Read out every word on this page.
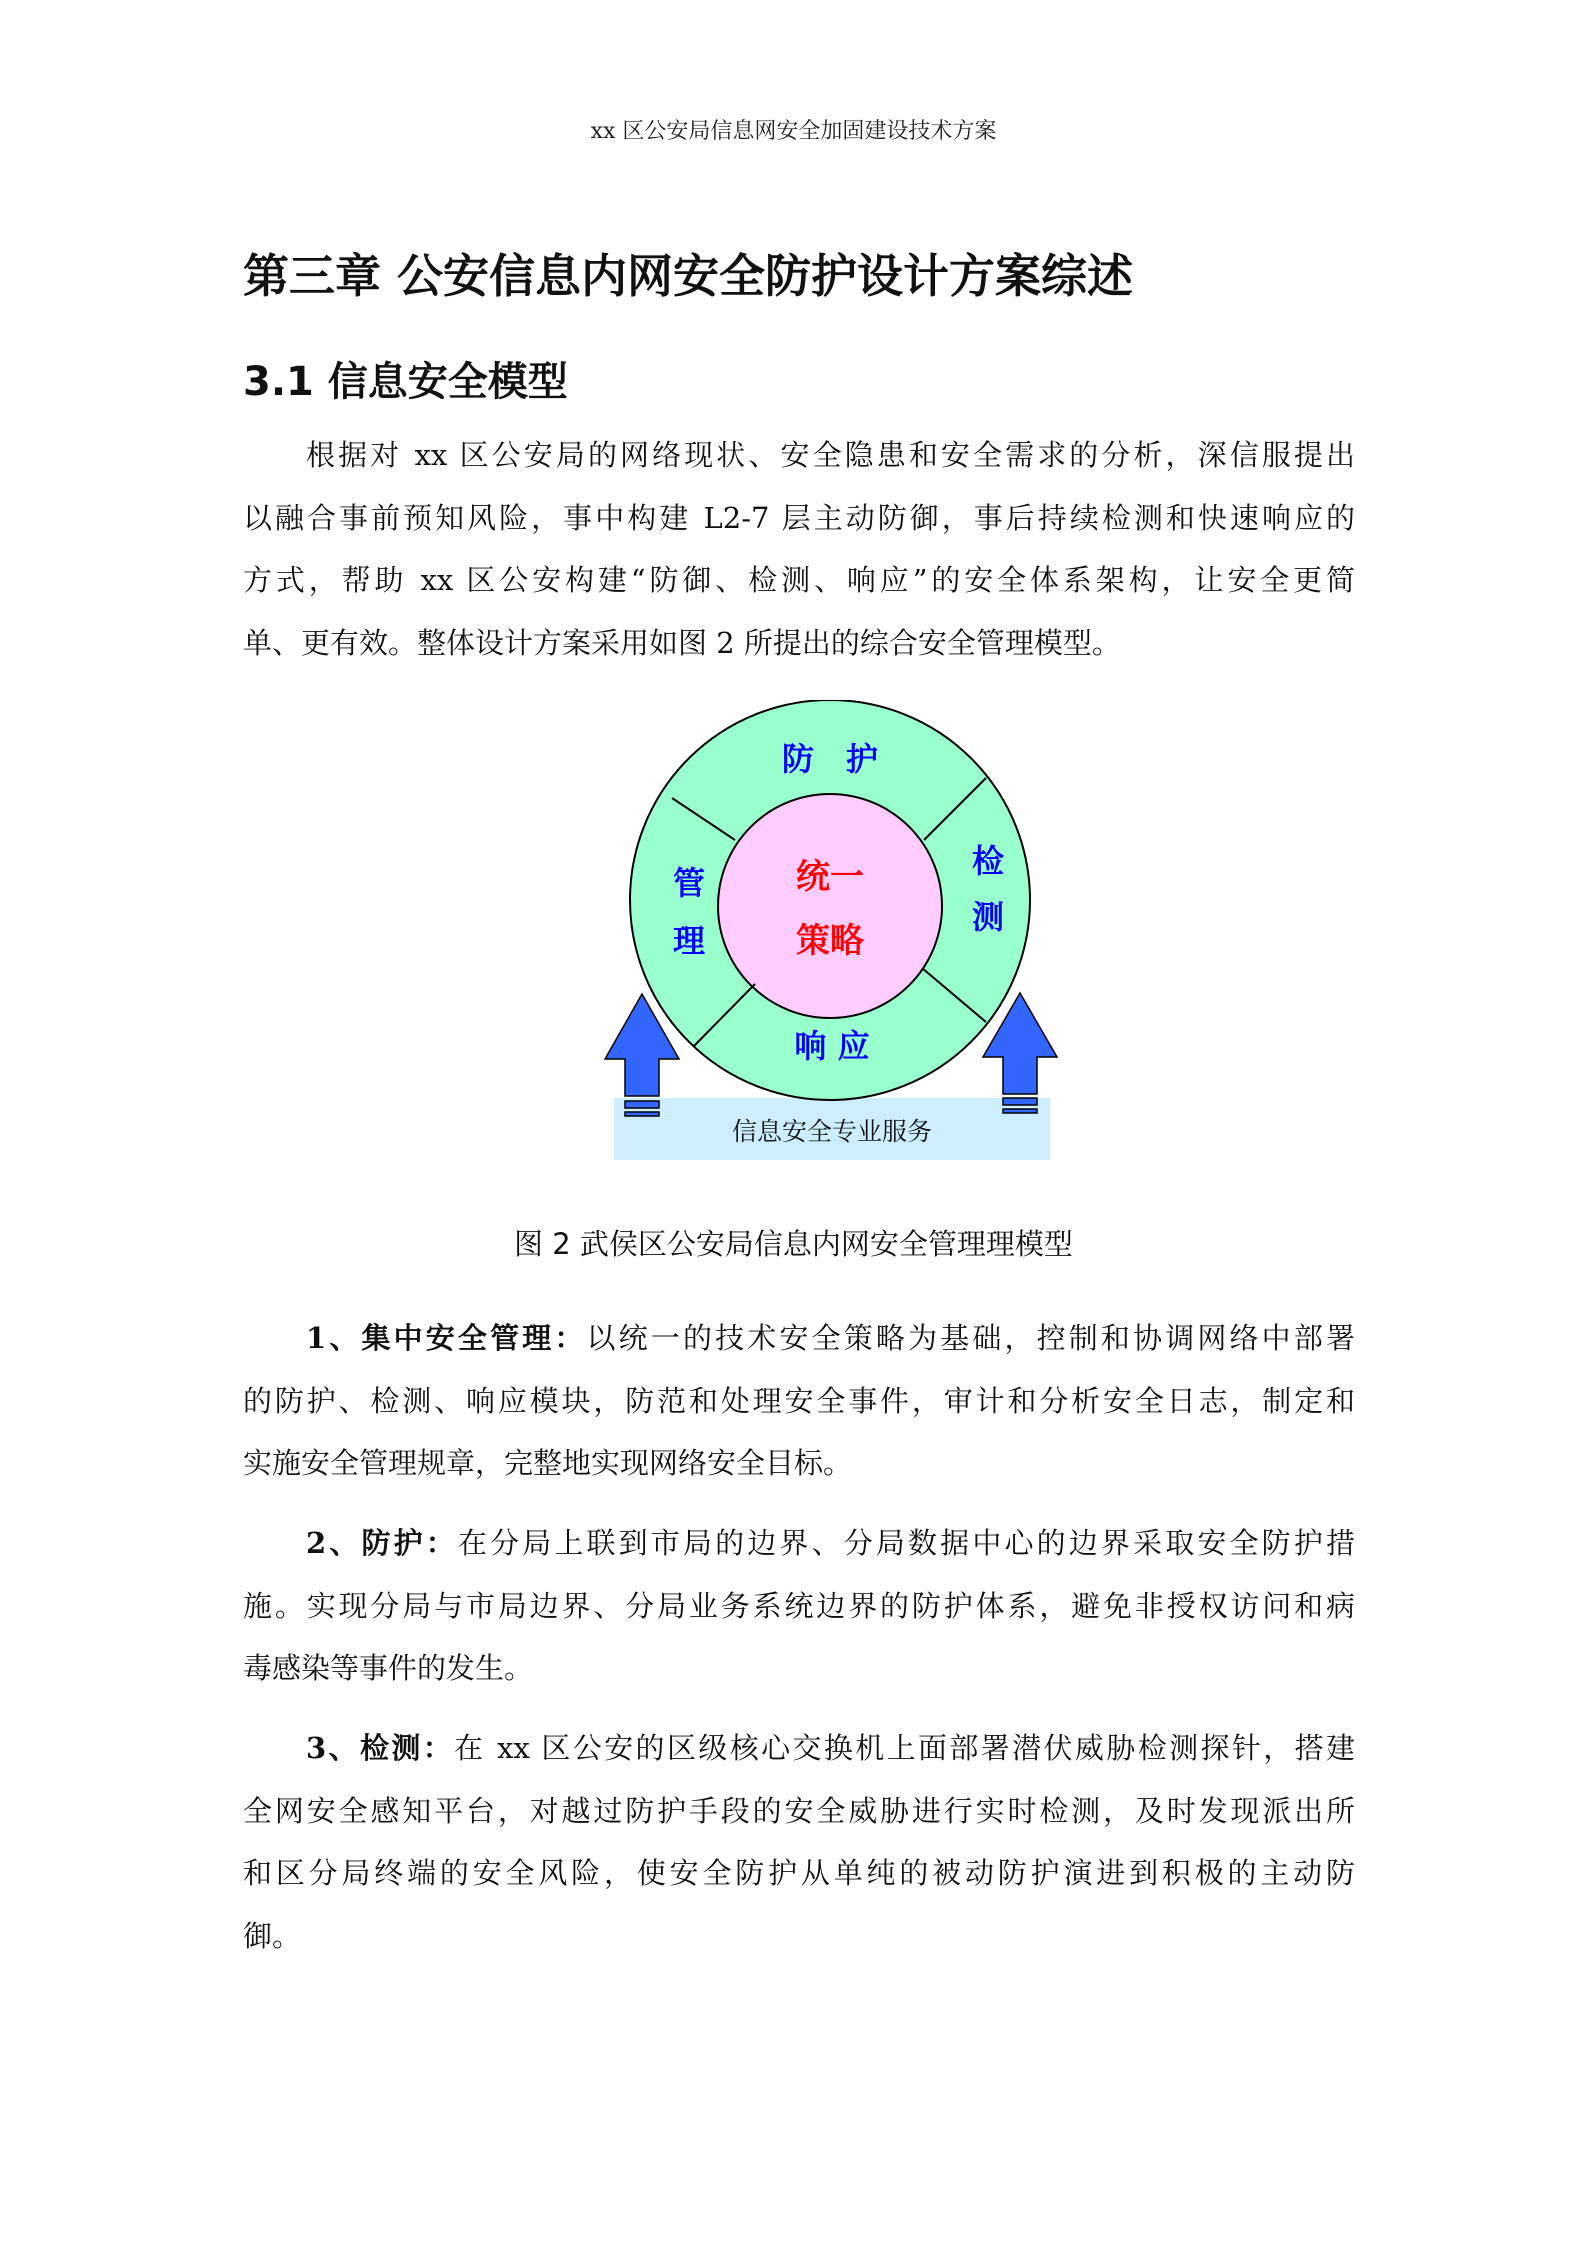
xx 区公安局信息网安全加固建设技术方案
第三章 公安信息内网安全防护设计方案综述
3.1 信息安全模型
根据对 xx 区公安局的网络现状、安全隐患和安全需求的分析，深信服提出
以融合事前预知风险，事中构建 L2-7 层主动防御，事后持续检测和快速响应的
方式，帮助 xx 区公安构建“防御、检测、响应”的安全体系架构，让安全更简
单、更有效。整体设计方案采用如图 2 所提出的综合安全管理模型。
防　护
检
测
响 应
管
理
统一
策略
信息安全专业服务
图 2 武侯区公安局信息内网安全管理理模型
1、集中安全管理：以统一的技术安全策略为基础，控制和协调网络中部署
的防护、检测、响应模块，防范和处理安全事件，审计和分析安全日志，制定和
实施安全管理规章，完整地实现网络安全目标。
2、防护：在分局上联到市局的边界、分局数据中心的边界采取安全防护措
施。实现分局与市局边界、分局业务系统边界的防护体系，避免非授权访问和病
毒感染等事件的发生。
3、检测：在 xx 区公安的区级核心交换机上面部署潜伏威胁检测探针，搭建
全网安全感知平台，对越过防护手段的安全威胁进行实时检测，及时发现派出所
和区分局终端的安全风险，使安全防护从单纯的被动防护演进到积极的主动防
御。
